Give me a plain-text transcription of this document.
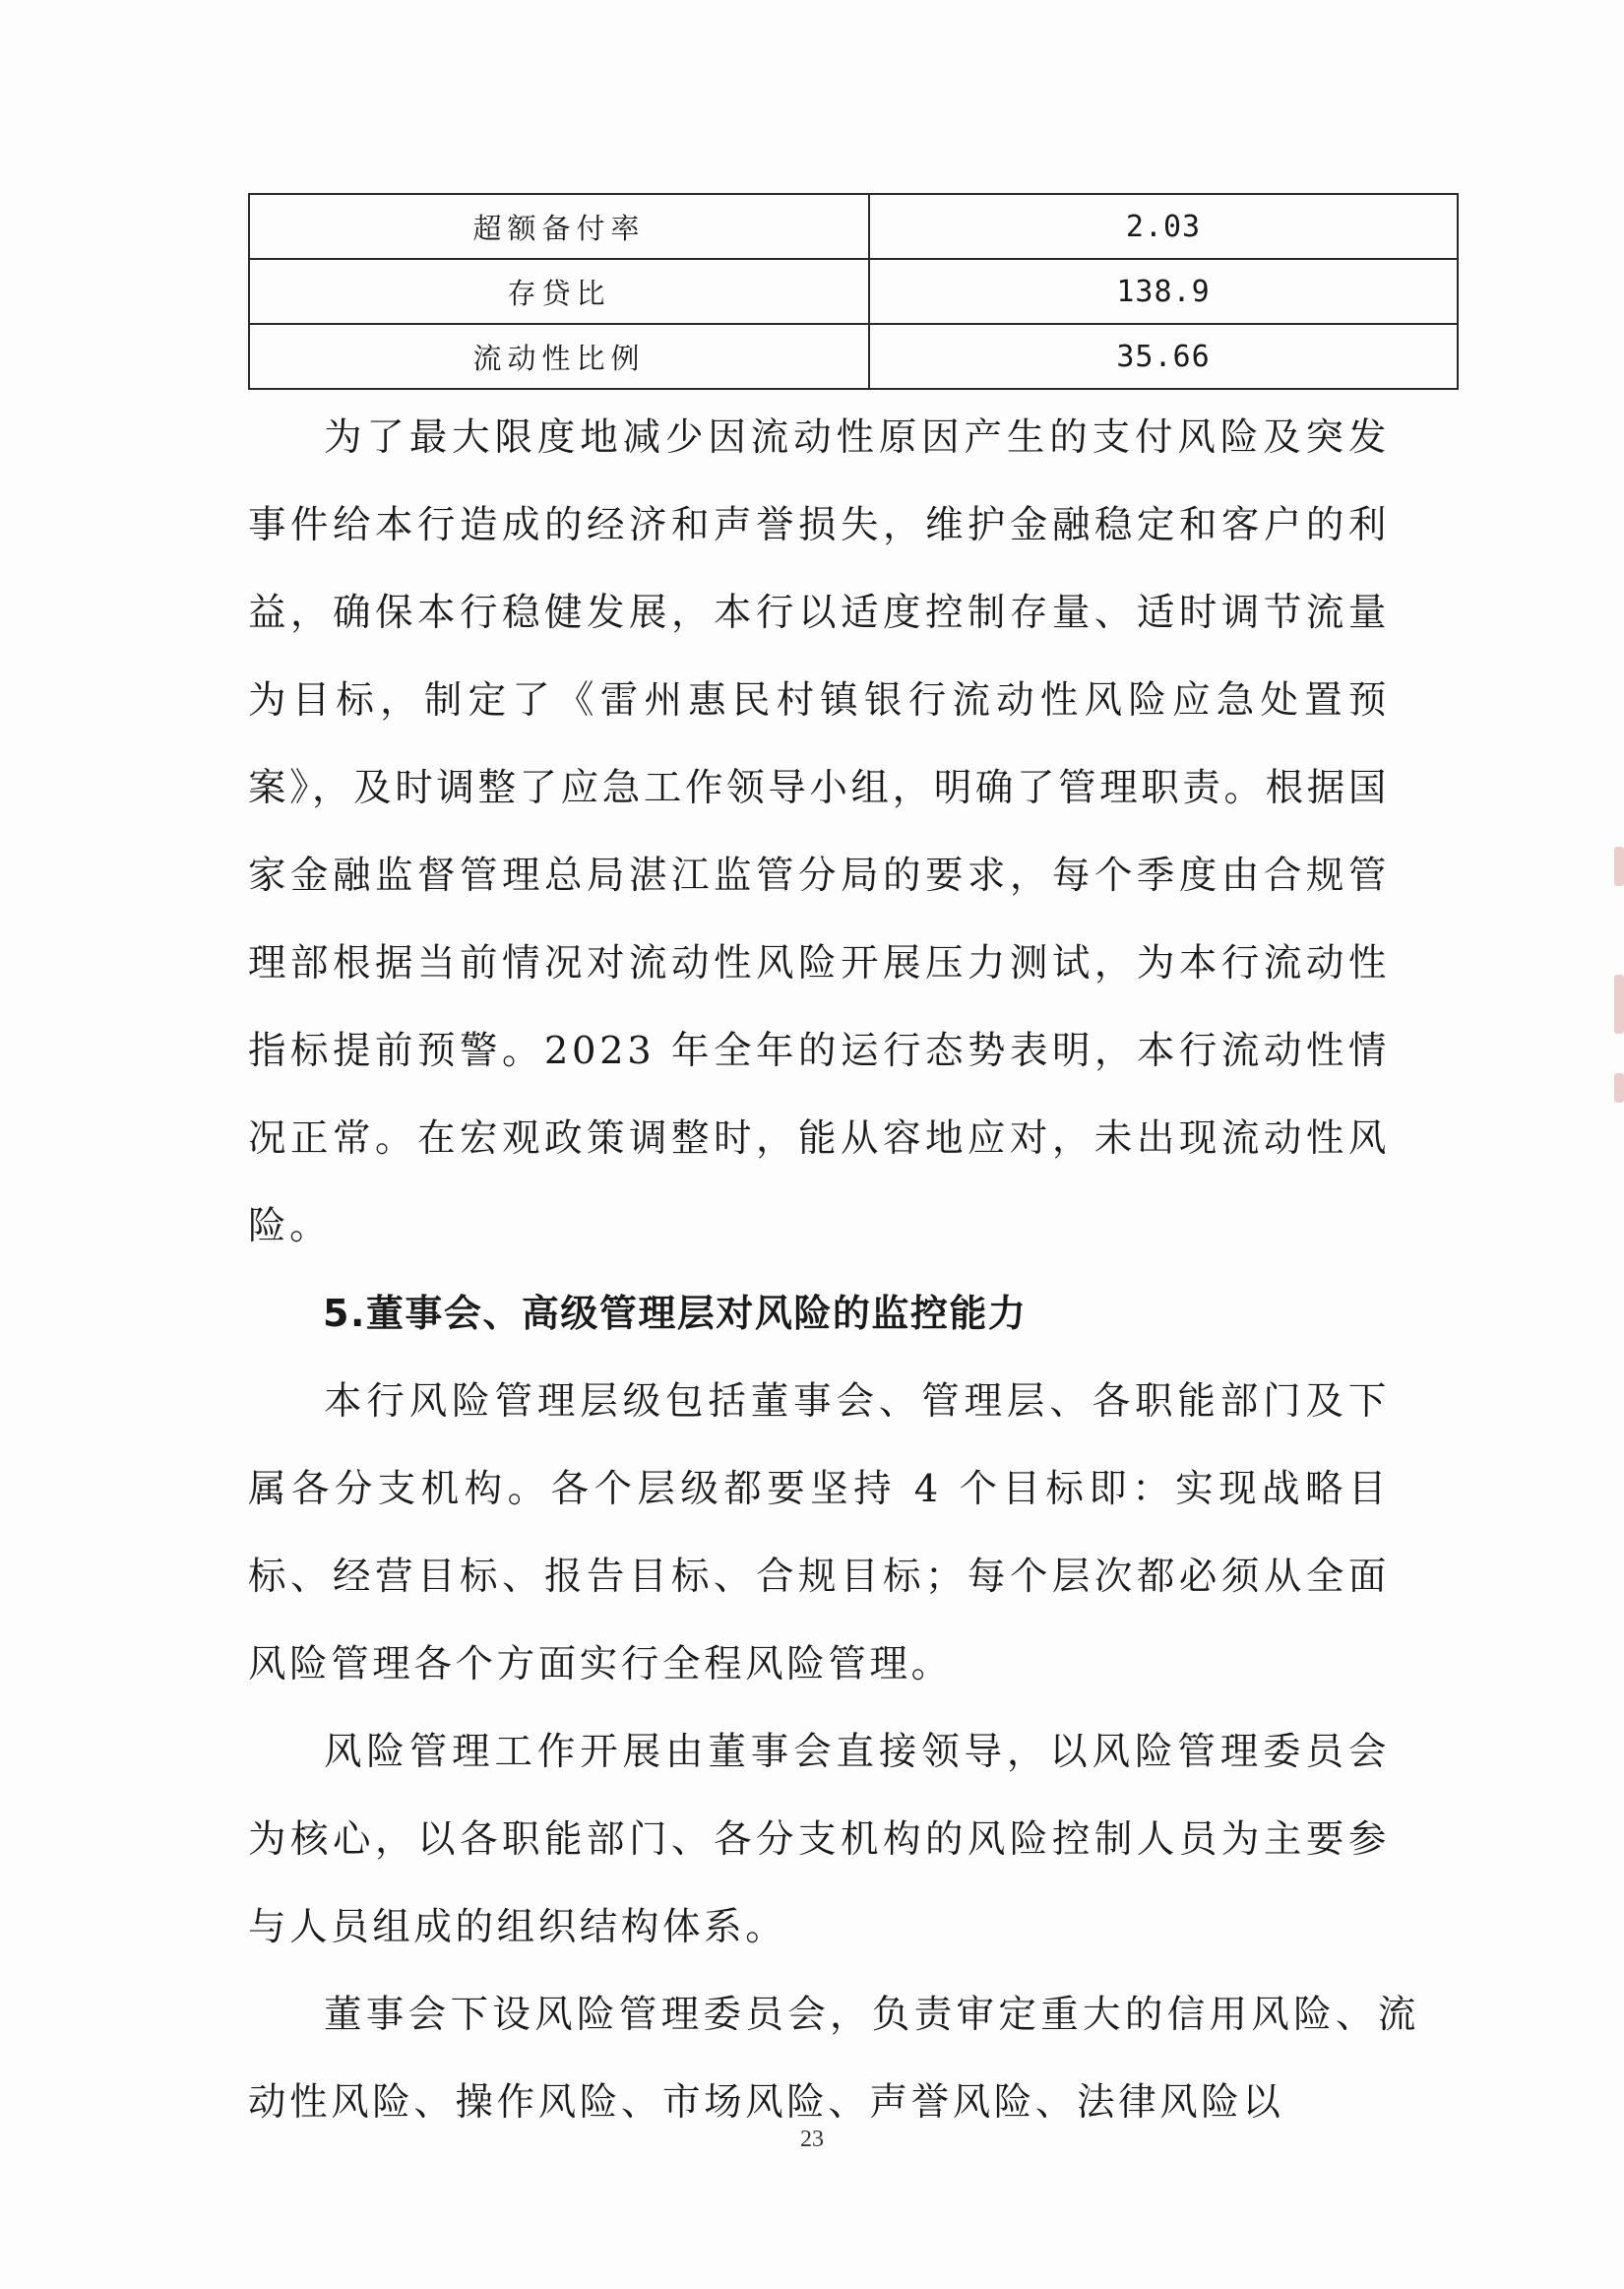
超额备付率	2.03
存贷比	138.9
流动性比例	35.66

为了最大限度地减少因流动性原因产生的支付风险及突发事件给本行造成的经济和声誉损失，维护金融稳定和客户的利益，确保本行稳健发展，本行以适度控制存量、适时调节流量为目标，制定了《雷州惠民村镇银行流动性风险应急处置预案》，及时调整了应急工作领导小组，明确了管理职责。根据国家金融监督管理总局湛江监管分局的要求，每个季度由合规管理部根据当前情况对流动性风险开展压力测试，为本行流动性指标提前预警。2023 年全年的运行态势表明，本行流动性情况正常。在宏观政策调整时，能从容地应对，未出现流动性风险。

5.董事会、高级管理层对风险的监控能力

本行风险管理层级包括董事会、管理层、各职能部门及下属各分支机构。各个层级都要坚持 4 个目标即：实现战略目标、经营目标、报告目标、合规目标；每个层次都必须从全面风险管理各个方面实行全程风险管理。

风险管理工作开展由董事会直接领导，以风险管理委员会为核心，以各职能部门、各分支机构的风险控制人员为主要参与人员组成的组织结构体系。

董事会下设风险管理委员会，负责审定重大的信用风险、流动性风险、操作风险、市场风险、声誉风险、法律风险以

23
